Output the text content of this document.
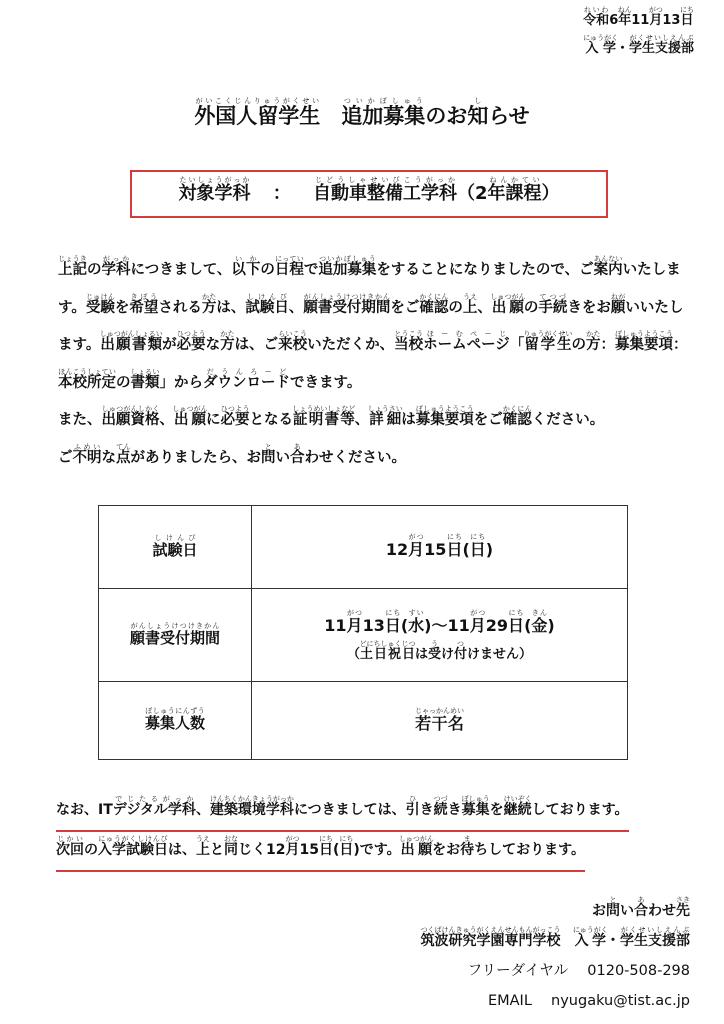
令和れいわ6年ねん11月がつ13日にち
入学にゅうがく・学生支援部がくせいしえんぶ
外国人留学生がいこくじんりゅうがくせい　追加募集ついかぼしゅうのお知しらせ
対象学科たいしょうがっか ： 自動車整備工学科じどうしゃせいびこうがっか（2年課程ねんかてい）

上記じょうきの学科がっかにつきまして、以下いかの日程にっていで追加募集ついかぼしゅうをすることになりましたので、ご案内あんないいたします。受験じゅけんを希望きぼうされる方かたは、試験日しけんび、願書受付期間がんしょうけつけきかんをご確認かくにんの上うえ、出願しゅつがんの手続てつづきをお願ねがいいたします。出願書類しゅつがんしょるいが必要ひつような方かたは、ご来校らいこういただくか、当校とうこうホームページほーむぺーじ「留学生りゅうがくせいの方かた：募集要項ぼしゅうようこう：本校所定ほんこうしょていの書類しょるい」からダウンロードだうんろーどできます。

また、出願資格しゅつがんしかく、出願しゅつがんに必要ひつようとなる証明書等しょうめいしょなど、詳細しょうさいは募集要項ぼしゅうようこうをご確認かくにんください。

ご不明ふめいな点てんがありましたら、お問とい合あわせください。

試験日しけんび	12月がつ15日にち(日にち)
願書受付期間がんしょうけつけきかん	11月がつ13日にち(水すい)～11月がつ29日にち(金きん)
（土日祝日どにちしゅくじつは受うけ付つけません）

募集人数ぼしゅうにんずう	若干名じゃっかんめい

なお、ITデジタル学科でじたるがっか、建築環境学科けんちくかんきょうがっかにつきましては、引ひき続つづき募集ぼしゅうを継続けいぞくしております。

次回じかいの入学試験日にゅうがくしけんびは、上うえと同おなじく12月がつ15日にち(日にち)です。出願しゅつがんをお待まちしております。

お問とい合あわせ先さき
筑波研究学園専門学校つくばけんきゅうがくえんせんもんがっこう　入学にゅうがく・学生支援部がくせいしえんぶ
フリーダイヤル　 0120-508-298
EMAIL　 nyugaku@tist.ac.jp
